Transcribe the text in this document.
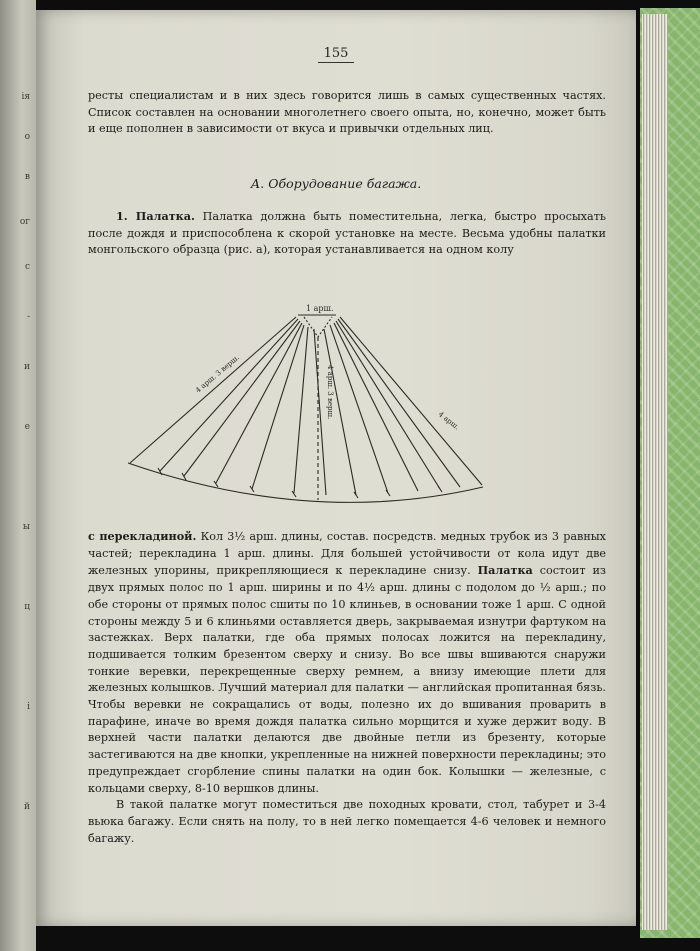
ія
о
в
ог
с
-
и
е
ы
ц
і
й
155

ресты специалистам и в них здесь говорится лишь в самых существенных частях. Список составлен на основании многолетнего своего опыта, но, конечно, может быть и еще пополнен в зависимости от вкуса и привычки отдельных лиц.

А. Оборудование багажа.

1. Палатка. Палатка должна быть поместительна, легка, быстро просыхать после дождя и приспособлена к скорой установке на месте. Весьма удобны палатки монгольского образца (рис. а), которая устанавливается на одном колу

1 арш.
4 арш. 3 верш.	4 арш. 3 верш.
4 арш.

с перекладиной. Кол 3½ арш. длины, состав. посредств. медных трубок из 3 равных частей; перекладина 1 арш. длины. Для большей устойчивости от кола идут две железных упорины, прикрепляющиеся к перекладине снизу. Палатка состоит из двух прямых полос по 1 арш. ширины и по 4½ арш. длины с подолом до ½ арш.; по обе стороны от прямых полос сшиты по 10 клиньев, в основании тоже 1 арш. С одной стороны между 5 и 6 клиньями оставляется дверь, закрываемая изнутри фартуком на застежках. Верх палатки, где оба прямых полосах ложится на перекладину, подшивается толким брезентом сверху и снизу. Во все швы вшиваются снаружи тонкие веревки, перекрещенные сверху ремнем, а внизу имеющие плети для железных колышков. Лучший материал для палатки — английская пропитанная бязь. Чтобы веревки не сокращались от воды, полезно их до вшивания проварить в парафине, иначе во время дождя палатка сильно морщится и хуже держит воду. В верхней части палатки делаются две двойные петли из брезенту, которые застегиваются на две кнопки, укрепленные на нижней поверхности перекладины; это предупреждает сгорбление спины палатки на один бок. Колышки — железные, с кольцами сверху, 8-10 вершков длины.

В такой палатке могут поместиться две походных кровати, стол, табурет и 3-4 вьюка багажу. Если снять на полу, то в ней легко помещается 4-6 человек и немного багажу.
